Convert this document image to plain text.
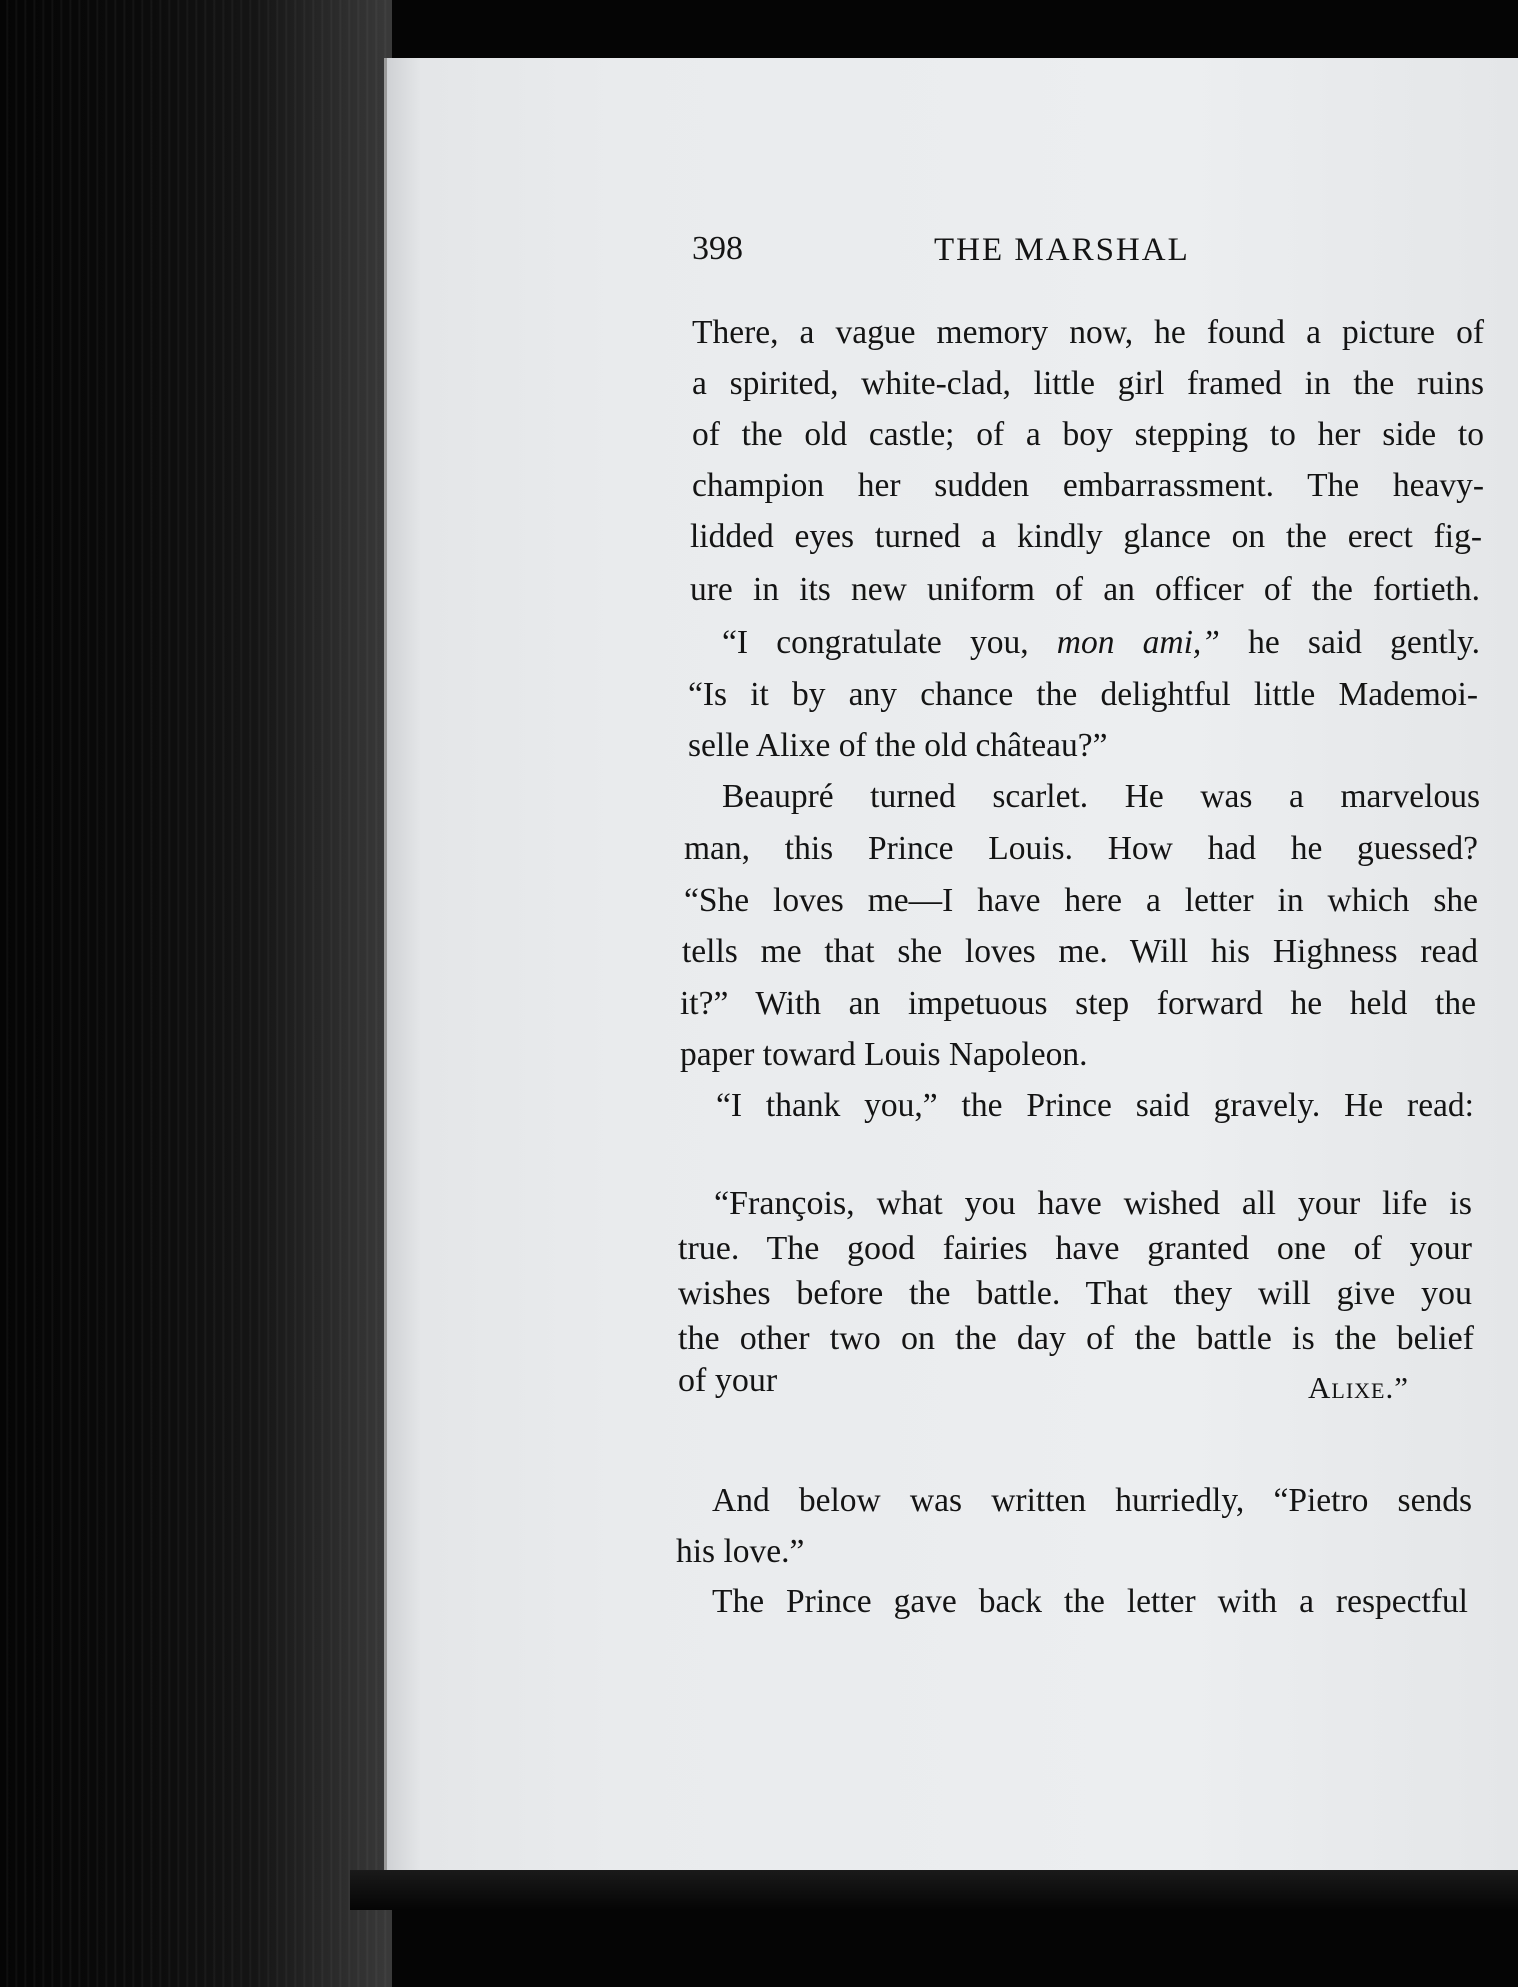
398	THE MARSHAL
There, a vague memory now, he found a picture of
a spirited, white-clad, little girl framed in the ruins
of the old castle; of a boy stepping to her side to
champion her sudden embarrassment. The heavy-
lidded eyes turned a kindly glance on the erect fig-
ure in its new uniform of an officer of the fortieth.
“I congratulate you, mon ami,” he said gently.
“Is it by any chance the delightful little Mademoi-
selle Alixe of the old château?”
Beaupré turned scarlet. He was a marvelous
man, this Prince Louis. How had he guessed?
“She loves me—I have here a letter in which she
tells me that she loves me. Will his Highness read
it?” With an impetuous step forward he held the
paper toward Louis Napoleon.
“I thank you,” the Prince said gravely. He read:
“François, what you have wished all your life is
true. The good fairies have granted one of your
wishes before the battle. That they will give you
the other two on the day of the battle is the belief
of your	Alixe.”
And below was written hurriedly, “Pietro sends
his love.”
The Prince gave back the letter with a respectful
